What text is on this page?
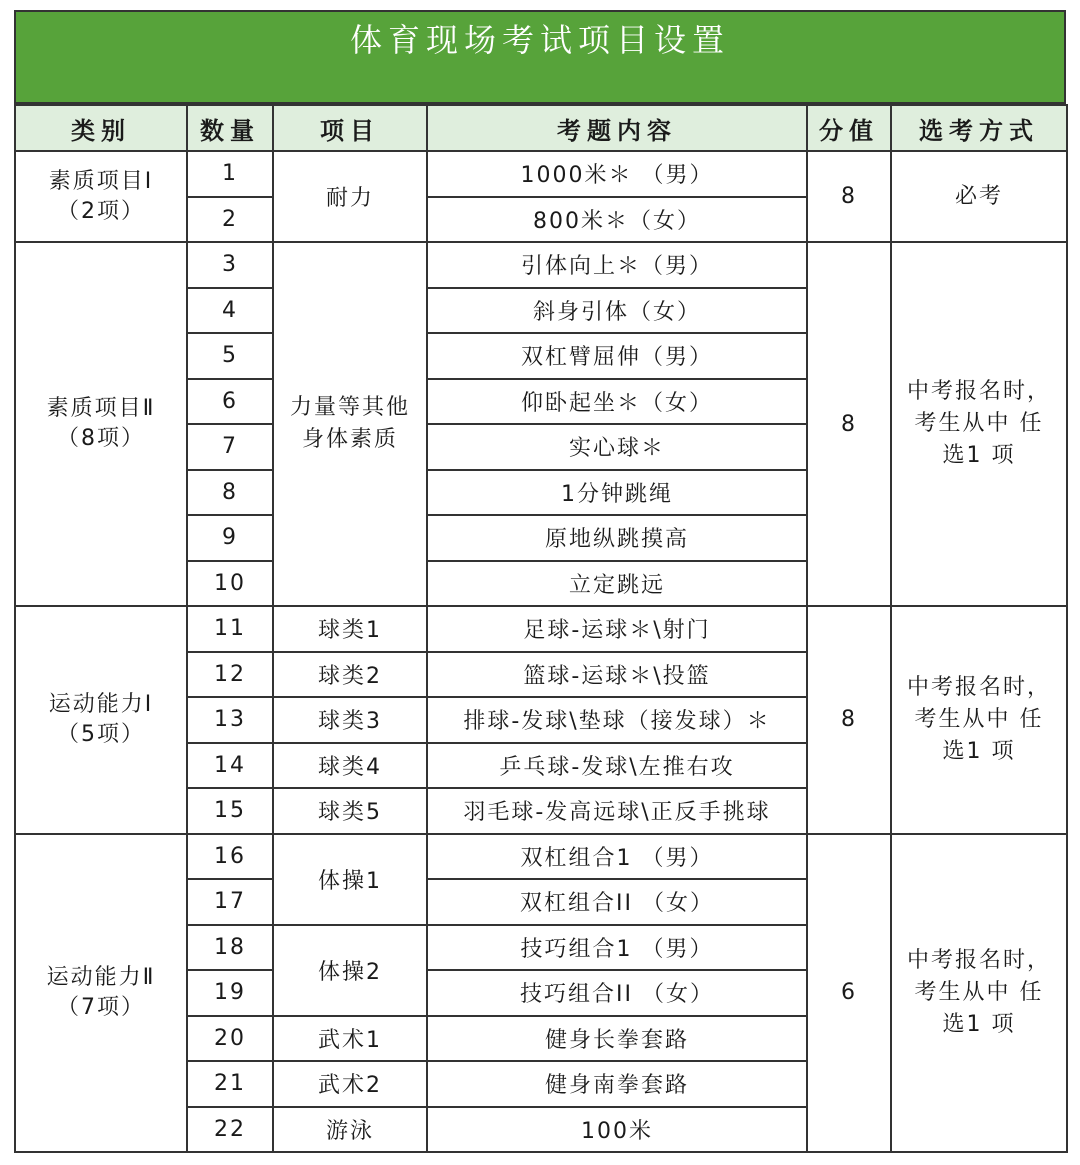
体育现场考试项目设置
类别	数量	项目	考题内容	分值	选考方式

素质项目Ⅰ
（2项）	1	耐力	1000米＊ （男）	8	必考
	2		800米＊（女）		

素质项目Ⅱ
（8项）	3	力量等其他身体素质	引体向上＊（男）	8	中考报名时，考生从中 任选1 项
	4		斜身引体（女）		
	5		双杠臂屈伸（男）		
	6		仰卧起坐＊（女）		
	7		实心球＊		
	8		1分钟跳绳		
	9		原地纵跳摸高		
	10		立定跳远		

运动能力Ⅰ
（5项）	11	球类1	足球-运球＊\射门	8	中考报名时，考生从中 任选1 项
	12	球类2	篮球-运球＊\投篮		
	13	球类3	排球-发球\垫球（接发球）＊		
	14	球类4	乒乓球-发球\左推右攻		
	15	球类5	羽毛球-发高远球\正反手挑球		

运动能力Ⅱ
（7项）	16	体操1	双杠组合1 （男）	6	中考报名时，考生从中 任选1 项
	17		双杠组合II （女）		
	18	体操2	技巧组合1 （男）		
	19		技巧组合II （女）		
	20	武术1	健身长拳套路		
	21	武术2	健身南拳套路		
	22	游泳	100米		
